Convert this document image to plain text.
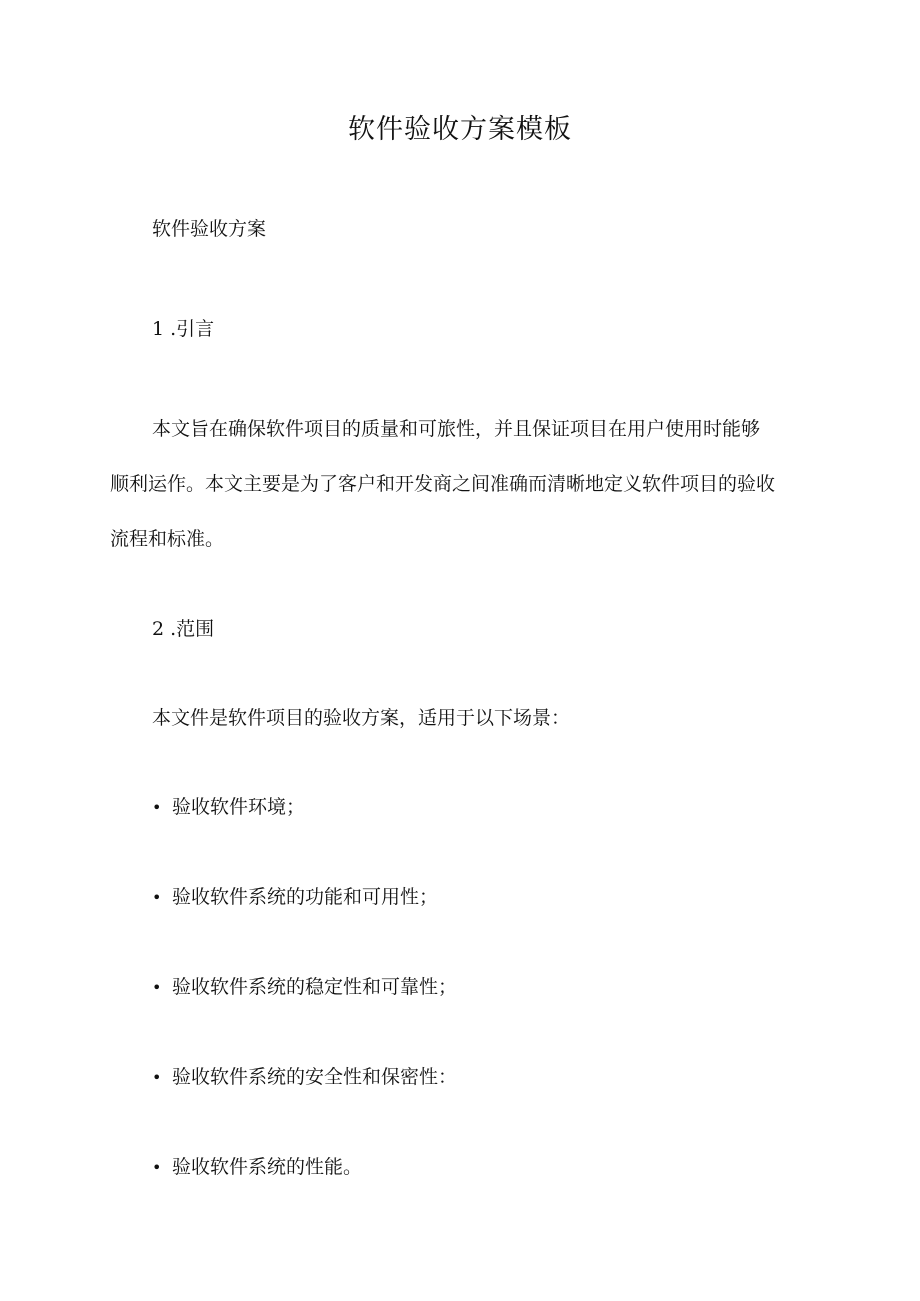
软件验收方案模板
软件验收方案
1 .引言
本文旨在确保软件项目的质量和可旅性，并且保证项目在用户使用时能够
顺利运作。本文主要是为了客户和开发商之间准确而清晰地定义软件项目的验收
流程和标准。
2 .范围
本文件是软件项目的验收方案，适用于以下场景：
• 验收软件环境；
• 验收软件系统的功能和可用性；
• 验收软件系统的稳定性和可靠性；
• 验收软件系统的安全性和保密性：
• 验收软件系统的性能。
